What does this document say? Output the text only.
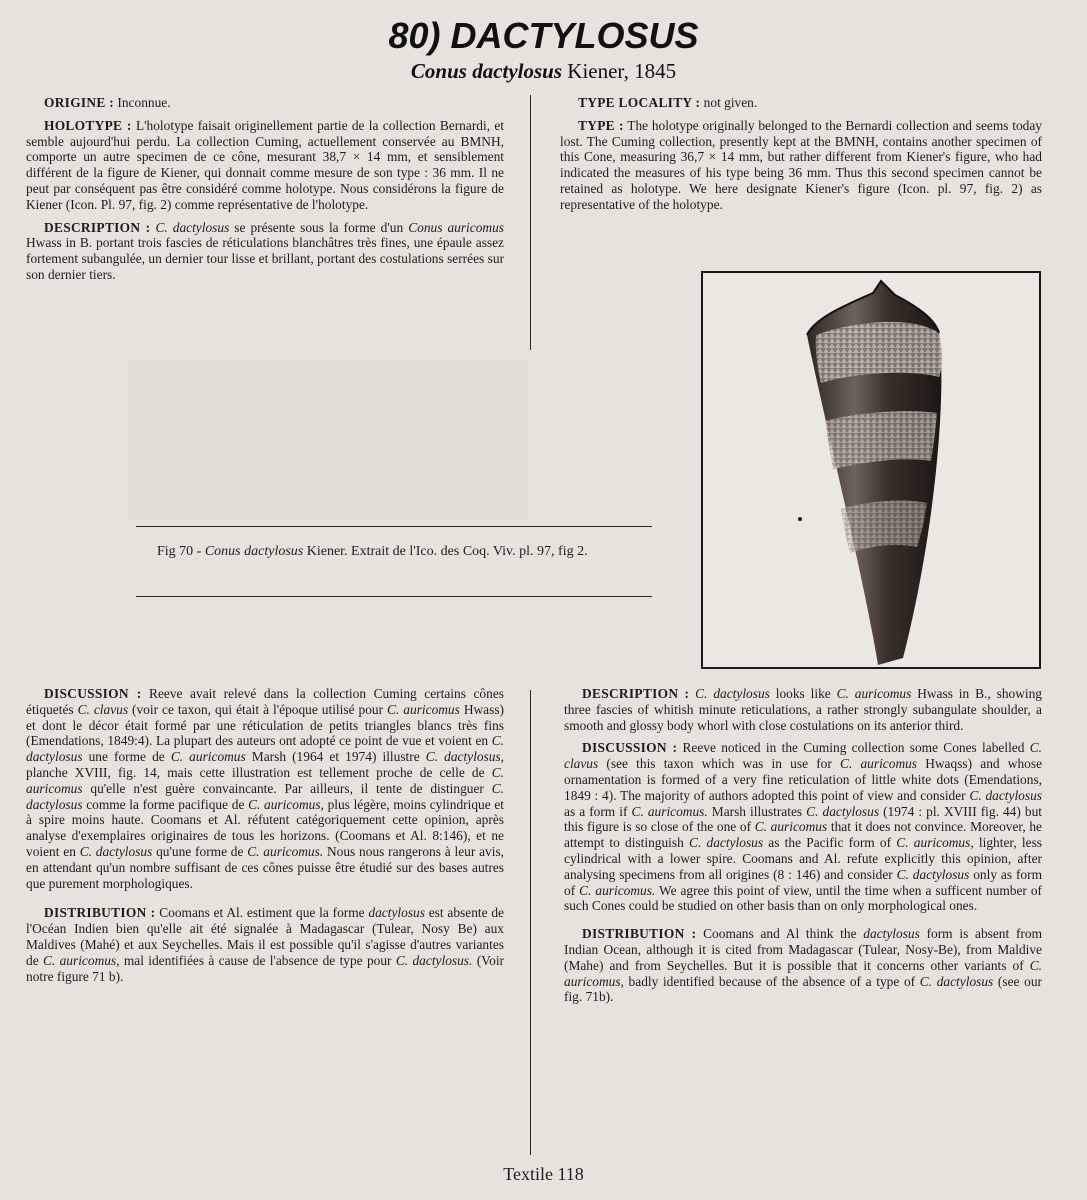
80) DACTYLOSUS
Conus dactylosus Kiener, 1845

ORIGINE : Inconnue.

HOLOTYPE : L'holotype faisait originellement partie de la collection Bernardi, et semble aujourd'hui perdu. La collection Cuming, actuellement conservée au BMNH, comporte un autre specimen de ce cône, mesurant 38,7 × 14 mm, et sensiblement différent de la figure de Kiener, qui donnait comme mesure de son type : 36 mm. Il ne peut par conséquent pas être considéré comme holotype. Nous considérons la figure de Kiener (Icon. Pl. 97, fig. 2) comme représentative de l'holotype.

DESCRIPTION : C. dactylosus se présente sous la forme d'un Conus auricomus Hwass in B. portant trois fascies de réticulations blanchâtres très fines, une épaule assez fortement subangulée, un dernier tour lisse et brillant, portant des costulations serrées sur son dernier tiers.

TYPE LOCALITY : not given.

TYPE : The holotype originally belonged to the Bernardi collection and seems today lost. The Cuming collection, presently kept at the BMNH, contains another specimen of this Cone, measuring 36,7 × 14 mm, but rather different from Kiener's figure, who had indicated the measures of his type being 36 mm. Thus this second specimen cannot be retained as holotype. We here designate Kiener's figure (Icon. pl. 97, fig. 2) as representative of the holotype.

Fig 70 - Conus dactylosus Kiener. Extrait de l'Ico. des Coq. Viv. pl. 97, fig 2.

DISCUSSION : Reeve avait relevé dans la collection Cuming certains cônes étiquetés C. clavus (voir ce taxon, qui était à l'époque utilisé pour C. auricomus Hwass) et dont le décor était formé par une réticulation de petits triangles blancs très fins (Emendations, 1849:4). La plupart des auteurs ont adopté ce point de vue et voient en C. dactylosus une forme de C. auricomus Marsh (1964 et 1974) illustre C. dactylosus, planche XVIII, fig. 14, mais cette illustration est tellement proche de celle de C. auricomus qu'elle n'est guère convaincante. Par ailleurs, il tente de distinguer C. dactylosus comme la forme pacifique de C. auricomus, plus légère, moins cylindrique et à spire moins haute. Coomans et Al. réfutent catégoriquement cette opinion, après analyse d'exemplaires originaires de tous les horizons. (Coomans et Al. 8:146), et ne voient en C. dactylosus qu'une forme de C. auricomus. Nous nous rangerons à leur avis, en attendant qu'un nombre suffisant de ces cônes puisse être étudié sur des bases autres que purement morphologiques.

DISTRIBUTION : Coomans et Al. estiment que la forme dactylosus est absente de l'Océan Indien bien qu'elle ait été signalée à Madagascar (Tulear, Nosy Be) aux Maldives (Mahé) et aux Seychelles. Mais il est possible qu'il s'agisse d'autres variantes de C. auricomus, mal identifiées à cause de l'absence de type pour C. dactylosus. (Voir notre figure 71 b).

DESCRIPTION : C. dactylosus looks like C. auricomus Hwass in B., showing three fascies of whitish minute reticulations, a rather strongly subangulate shoulder, a smooth and glossy body whorl with close costulations on its anterior third.

DISCUSSION : Reeve noticed in the Cuming collection some Cones labelled C. clavus (see this taxon which was in use for C. auricomus Hwaqss) and whose ornamentation is formed of a very fine reticulation of little white dots (Emendations, 1849 : 4). The majority of authors adopted this point of view and consider C. dactylosus as a form if C. auricomus. Marsh illustrates C. dactylosus (1974 : pl. XVIII fig. 44) but this figure is so close of the one of C. auricomus that it does not convince. Moreover, he attempt to distinguish C. dactylosus as the Pacific form of C. auricomus, lighter, less cylindrical with a lower spire. Coomans and Al. refute explicitly this opinion, after analysing specimens from all origines (8 : 146) and consider C. dactylosus only as form of C. auricomus. We agree this point of view, until the time when a sufficent number of such Cones could be studied on other basis than on only morphological ones.

DISTRIBUTION : Coomans and Al think the dactylosus form is absent from Indian Ocean, although it is cited from Madagascar (Tulear, Nosy-Be), from Maldive (Mahe) and from Seychelles. But it is possible that it concerns other variants of C. auricomus, badly identified because of the absence of a type of C. dactylosus (see our fig. 71b).

Textile 118
